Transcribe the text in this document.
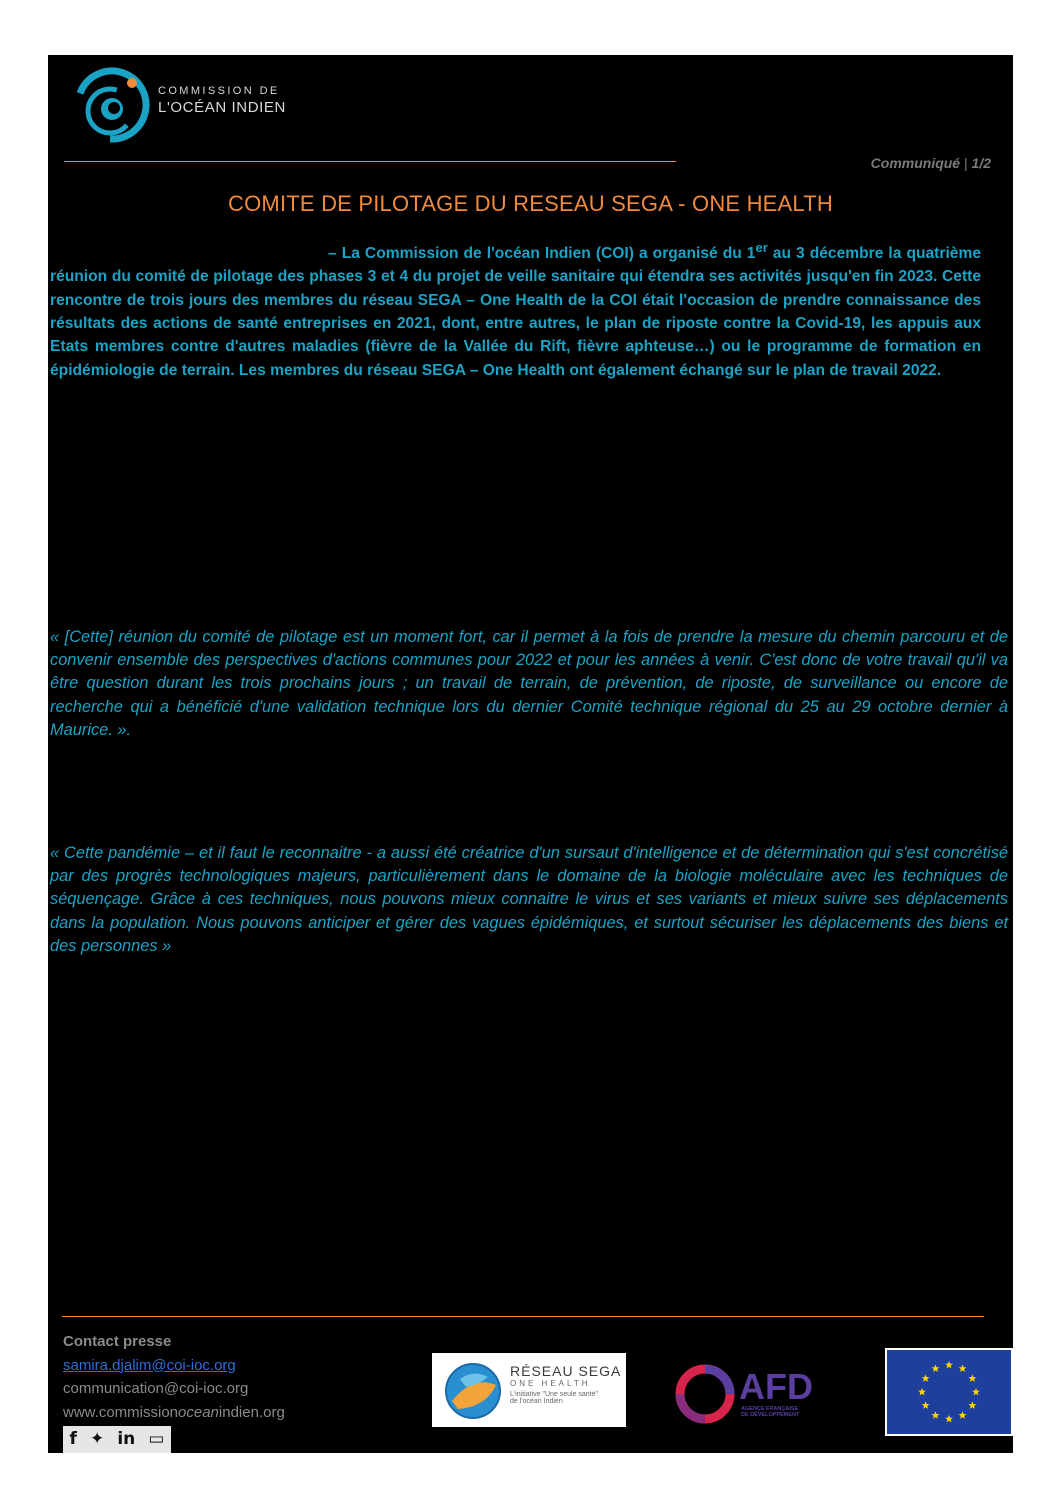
COMMISSION DE
L'OCÉAN INDIEN
Communiqué | 1/2
COMITE DE PILOTAGE DU RESEAU SEGA - ONE HEALTH

– La Commission de l'océan Indien (COI) a organisé du 1er au 3 décembre la quatrième réunion du comité de pilotage des phases 3 et 4 du projet de veille sanitaire qui étendra ses activités jusqu'en fin 2023. Cette rencontre de trois jours des membres du réseau SEGA – One Health de la COI était l'occasion de prendre connaissance des résultats des actions de santé entreprises en 2021, dont, entre autres, le plan de riposte contre la Covid-19, les appuis aux Etats membres contre d'autres maladies (fièvre de la Vallée du Rift, fièvre aphteuse…) ou le programme de formation en épidémiologie de terrain. Les membres du réseau SEGA – One Health ont également échangé sur le plan de travail 2022.

« [Cette] réunion du comité de pilotage est un moment fort, car il permet à la fois de prendre la mesure du chemin parcouru et de convenir ensemble des perspectives d'actions communes pour 2022 et pour les années à venir. C'est donc de votre travail qu'il va être question durant les trois prochains jours ; un travail de terrain, de prévention, de riposte, de surveillance ou encore de recherche qui a bénéficié d'une validation technique lors du dernier Comité technique régional du 25 au 29 octobre dernier à Maurice. ».

« Cette pandémie – et il faut le reconnaitre - a aussi été créatrice d'un sursaut d'intelligence et de détermination qui s'est concrétisé par des progrès technologiques majeurs, particulièrement dans le domaine de la biologie moléculaire avec les techniques de séquençage. Grâce à ces techniques, nous pouvons mieux connaitre le virus et ses variants et mieux suivre ses déplacements dans la population. Nous pouvons anticiper et gérer des vagues épidémiques, et surtout sécuriser les déplacements des biens et des personnes »

Contact presse
samira.djalim@coi-ioc.org
communication@coi-ioc.org
www.commissionoceanindien.org
f ✦ in ▭
RÉSEAU SEGA
ONE HEALTH
L'initiative "Une seule santé"
de l'océan Indien	AFD
AGENCE FRANÇAISE DE DÉVELOPPEMENT
